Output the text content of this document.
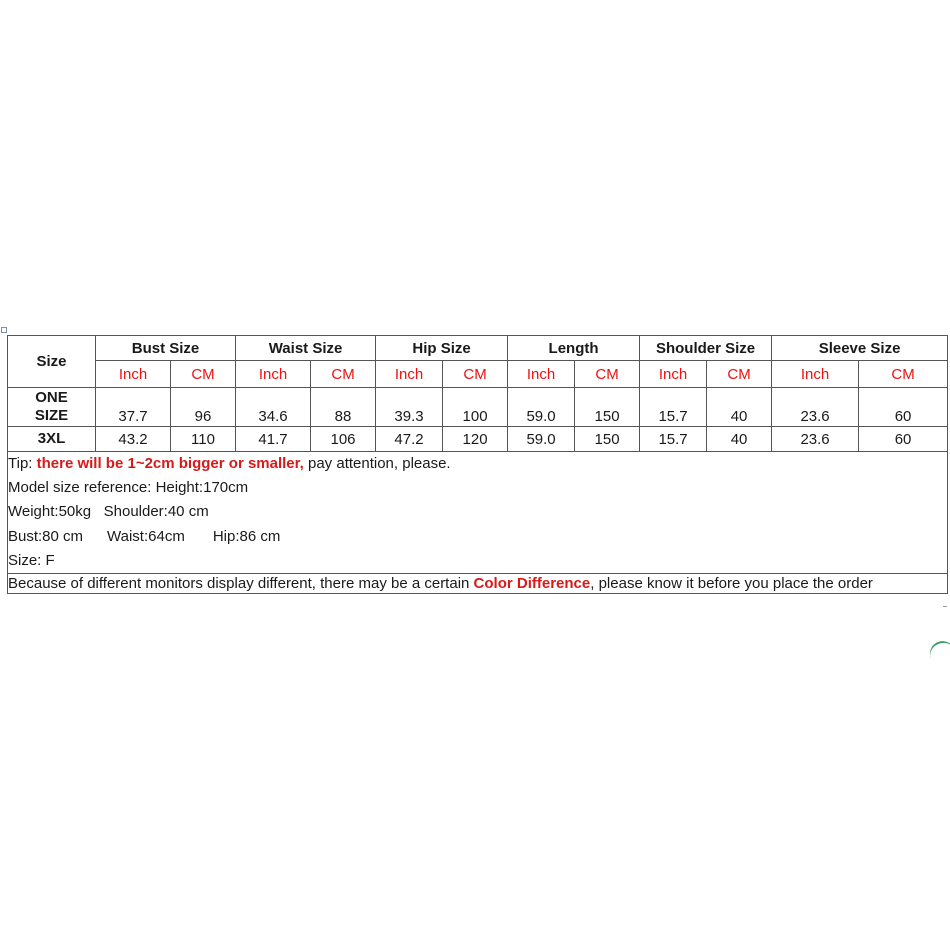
Size	Bust Size		Waist Size		Hip Size		Length		Shoulder Size		Sleeve Size	
	Inch	CM	Inch	CM	Inch	CM	Inch	CM	Inch	CM	Inch	CM

ONE
SIZE	37.7	96	34.6	88	39.3	100	59.0	150	15.7	40	23.6	60
3XL	43.2	110	41.7	106	47.2	120	59.0	150	15.7	40	23.6	60

Tip: there will be 1~2cm bigger or smaller, pay attention, please.
Model size reference: Height:170cm
Weight:50kg Shoulder:40 cm
Bust:80 cm Waist:64cm Hip:86 cm
Size: F												

Because of different monitors display different, there may be a certain Color Difference, please know it before you place the order												
